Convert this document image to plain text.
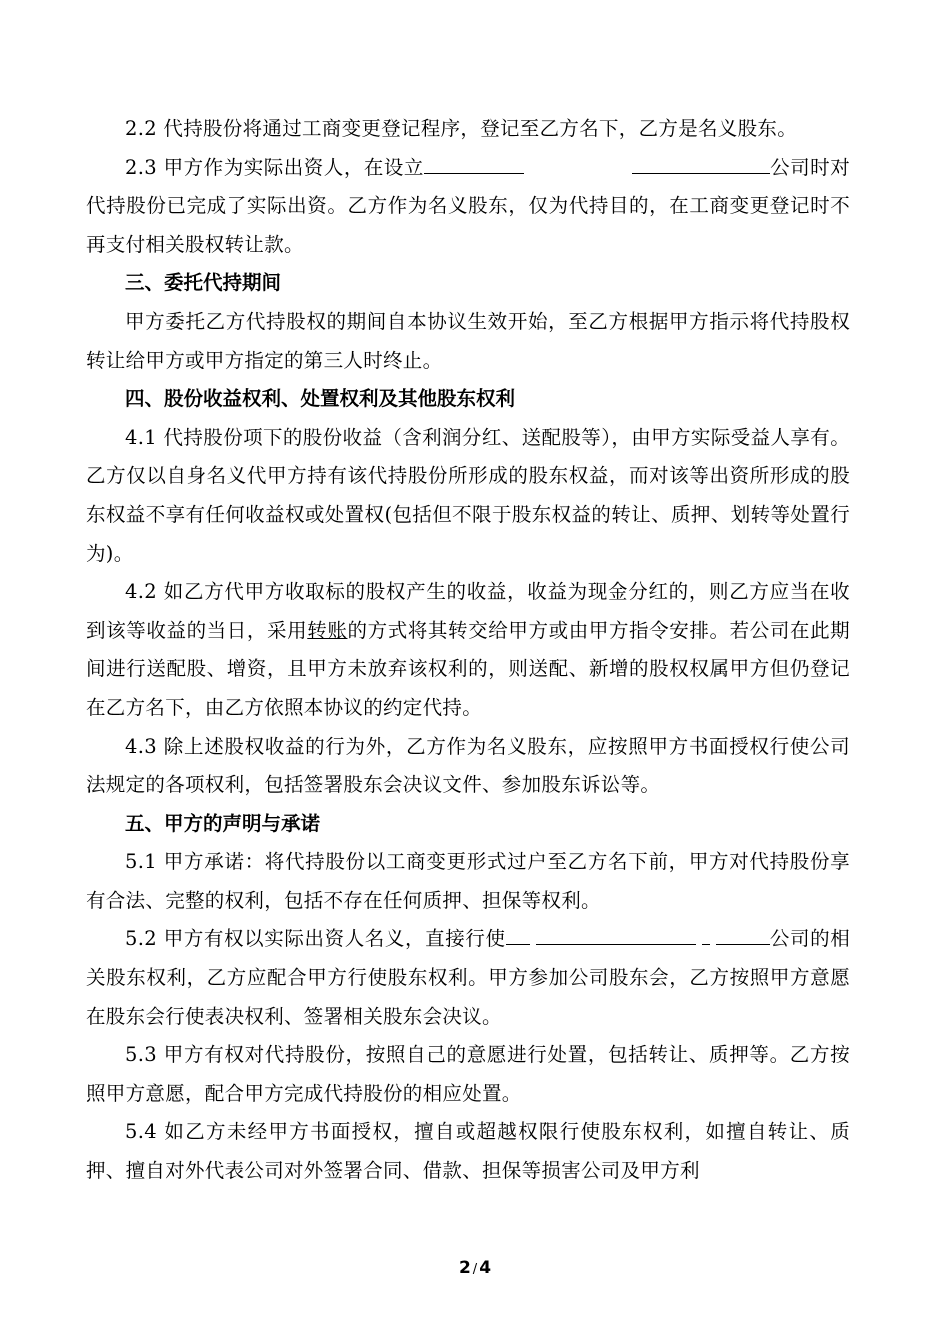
2.2 代持股份将通过工商变更登记程序，登记至乙方名下，乙方是名义股东。

2.3 甲方作为实际出资人，在设立	公司时对代持股份已完成了实际出资。乙方作为名义股东，仅为代持目的，在工商变更登记时不再支付相关股权转让款。

三、委托代持期间

甲方委托乙方代持股权的期间自本协议生效开始，至乙方根据甲方指示将代持股权转让给甲方或甲方指定的第三人时终止。

四、股份收益权利、处置权利及其他股东权利

4.1 代持股份项下的股份收益（含利润分红、送配股等），由甲方实际受益人享有。乙方仅以自身名义代甲方持有该代持股份所形成的股东权益，而对该等出资所形成的股东权益不享有任何收益权或处置权(包括但不限于股东权益的转让、质押、划转等处置行为)。

4.2 如乙方代甲方收取标的股权产生的收益，收益为现金分红的，则乙方应当在收到该等收益的当日，采用转账的方式将其转交给甲方或由甲方指令安排。若公司在此期间进行送配股、增资，且甲方未放弃该权利的，则送配、新增的股权权属甲方但仍登记在乙方名下，由乙方依照本协议的约定代持。

4.3 除上述股权收益的行为外，乙方作为名义股东，应按照甲方书面授权行使公司法规定的各项权利，包括签署股东会决议文件、参加股东诉讼等。

五、甲方的声明与承诺

5.1 甲方承诺：将代持股份以工商变更形式过户至乙方名下前，甲方对代持股份享有合法、完整的权利，包括不存在任何质押、担保等权利。

5.2 甲方有权以实际出资人名义，直接行使	公司的相关股东权利，乙方应配合甲方行使股东权利。甲方参加公司股东会，乙方按照甲方意愿在股东会行使表决权利、签署相关股东会决议。

5.3 甲方有权对代持股份，按照自己的意愿进行处置，包括转让、质押等。乙方按照甲方意愿，配合甲方完成代持股份的相应处置。

5.4 如乙方未经甲方书面授权，擅自或超越权限行使股东权利，如擅自转让、质押、擅自对外代表公司对外签署合同、借款、担保等损害公司及甲方利

2 / 4
